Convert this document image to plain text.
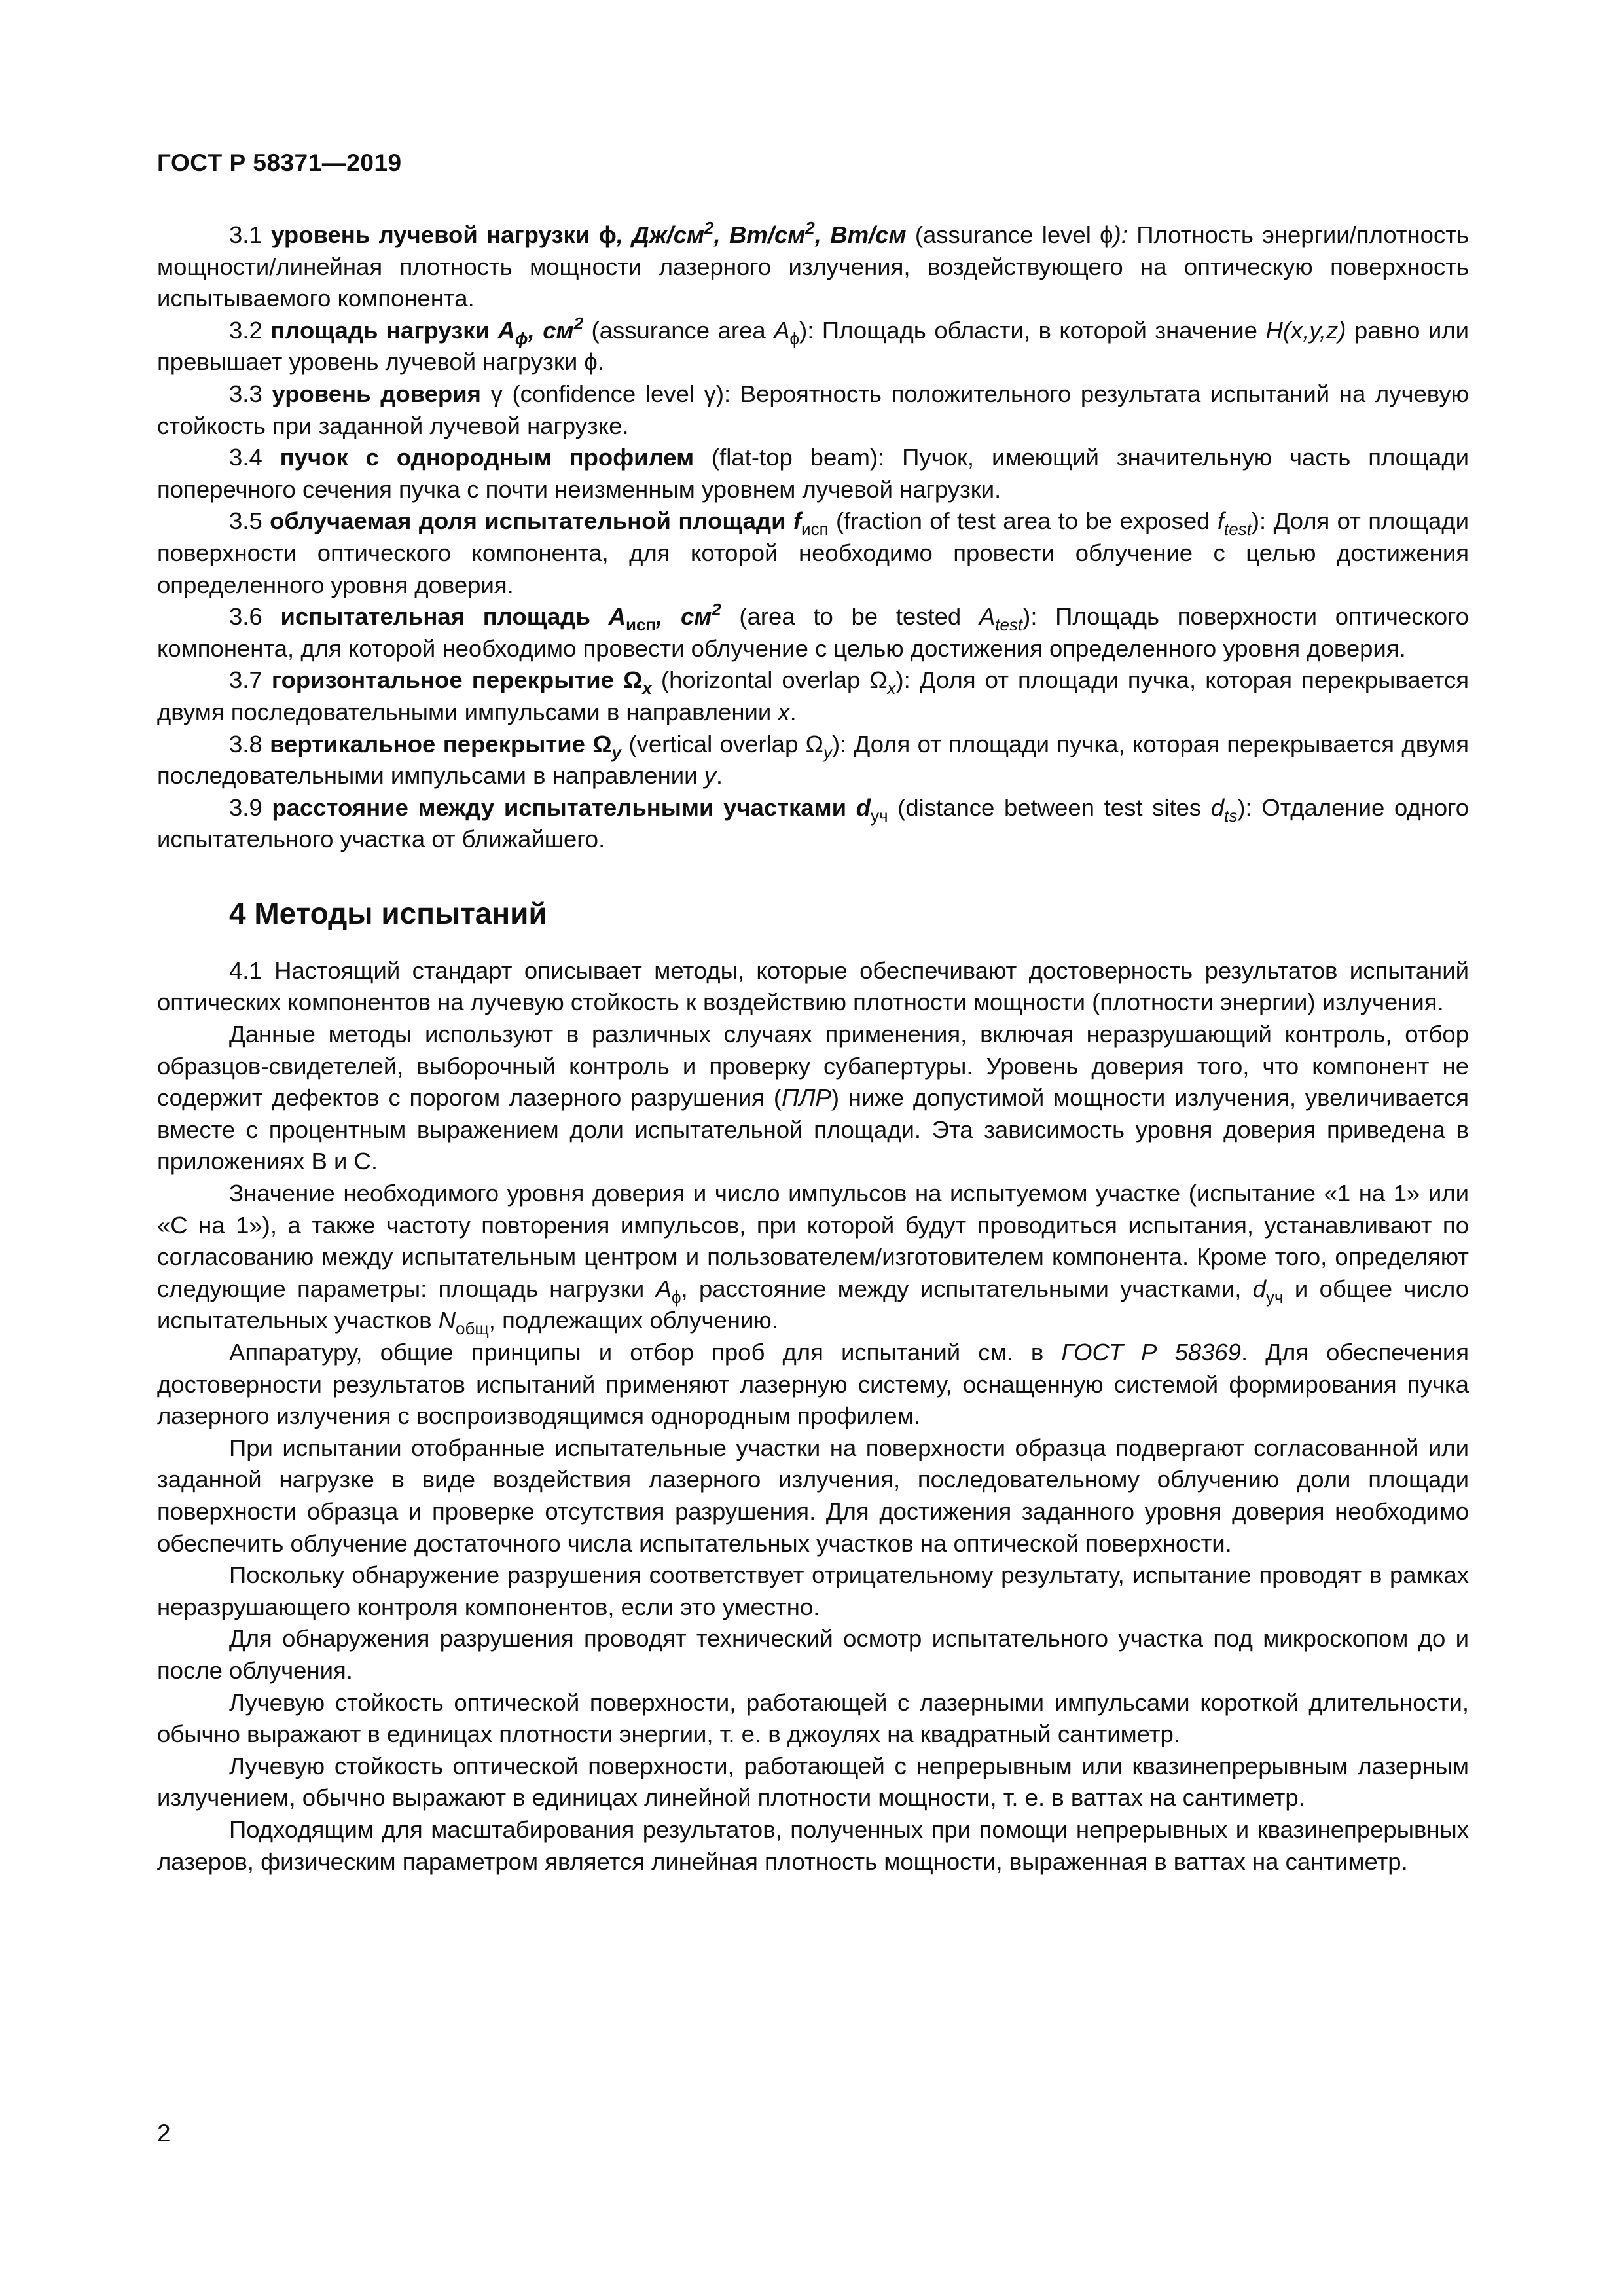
ГОСТ Р 58371—2019

3.1 уровень лучевой нагрузки ϕ, $Дж/см^2$, $Вт/см^2$, Вт/см (assurance level ϕ): Плотность энергии/плотность мощности/линейная плотность мощности лазерного излучения, воздействующего на оптическую поверхность испытываемого компонента.

3.2 площадь нагрузки $A_\phi$, $см^2$ (assurance area $A_\phi$): Площадь области, в которой значение H(x,y,z) равно или превышает уровень лучевой нагрузки ϕ.

3.3 уровень доверия γ (confidence level γ): Вероятность положительного результата испытаний на лучевую стойкость при заданной лучевой нагрузке.

3.4 пучок с однородным профилем (flat-top beam): Пучок, имеющий значительную часть площади поперечного сечения пучка с почти неизменным уровнем лучевой нагрузки.

3.5 облучаемая доля испытательной площади $f_{исп}$ (fraction of test area to be exposed $f_{test}$): Доля от площади поверхности оптического компонента, для которой необходимо провести облучение с целью достижения определенного уровня доверия.

3.6 испытательная площадь $A_{исп}$, $см^2$ (area to be tested $A_{test}$): Площадь поверхности оптического компонента, для которой необходимо провести облучение с целью достижения определенного уровня доверия.

3.7 горизонтальное перекрытие $\Omega_x$ (horizontal overlap $\Omega_x$): Доля от площади пучка, которая перекрывается двумя последовательными импульсами в направлении x.

3.8 вертикальное перекрытие $\Omega_y$ (vertical overlap $\Omega_y$): Доля от площади пучка, которая перекрывается двумя последовательными импульсами в направлении y.

3.9 расстояние между испытательными участками $d_{уч}$ (distance between test sites $d_{ts}$): Отдаление одного испытательного участка от ближайшего.

4 Методы испытаний

4.1 Настоящий стандарт описывает методы, которые обеспечивают достоверность результатов испытаний оптических компонентов на лучевую стойкость к воздействию плотности мощности (плотности энергии) излучения.

Данные методы используют в различных случаях применения, включая неразрушающий контроль, отбор образцов-свидетелей, выборочный контроль и проверку субапертуры. Уровень доверия того, что компонент не содержит дефектов с порогом лазерного разрушения (ПЛР) ниже допустимой мощности излучения, увеличивается вместе с процентным выражением доли испытательной площади. Эта зависимость уровня доверия приведена в приложениях В и С.

Значение необходимого уровня доверия и число импульсов на испытуемом участке (испытание «1 на 1» или «С на 1»), а также частоту повторения импульсов, при которой будут проводиться испытания, устанавливают по согласованию между испытательным центром и пользователем/изготовителем компонента. Кроме того, определяют следующие параметры: площадь нагрузки $A_\phi$, расстояние между испытательными участками, $d_{уч}$ и общее число испытательных участков $N_{общ}$, подлежащих облучению.

Аппаратуру, общие принципы и отбор проб для испытаний см. в ГОСТ Р 58369. Для обеспечения достоверности результатов испытаний применяют лазерную систему, оснащенную системой формирования пучка лазерного излучения с воспроизводящимся однородным профилем.

При испытании отобранные испытательные участки на поверхности образца подвергают согласованной или заданной нагрузке в виде воздействия лазерного излучения, последовательному облучению доли площади поверхности образца и проверке отсутствия разрушения. Для достижения заданного уровня доверия необходимо обеспечить облучение достаточного числа испытательных участков на оптической поверхности.

Поскольку обнаружение разрушения соответствует отрицательному результату, испытание проводят в рамках неразрушающего контроля компонентов, если это уместно.

Для обнаружения разрушения проводят технический осмотр испытательного участка под микроскопом до и после облучения.

Лучевую стойкость оптической поверхности, работающей с лазерными импульсами короткой длительности, обычно выражают в единицах плотности энергии, т. е. в джоулях на квадратный сантиметр.

Лучевую стойкость оптической поверхности, работающей с непрерывным или квазинепрерывным лазерным излучением, обычно выражают в единицах линейной плотности мощности, т. е. в ваттах на сантиметр.

Подходящим для масштабирования результатов, полученных при помощи непрерывных и квазинепрерывных лазеров, физическим параметром является линейная плотность мощности, выраженная в ваттах на сантиметр.

2
